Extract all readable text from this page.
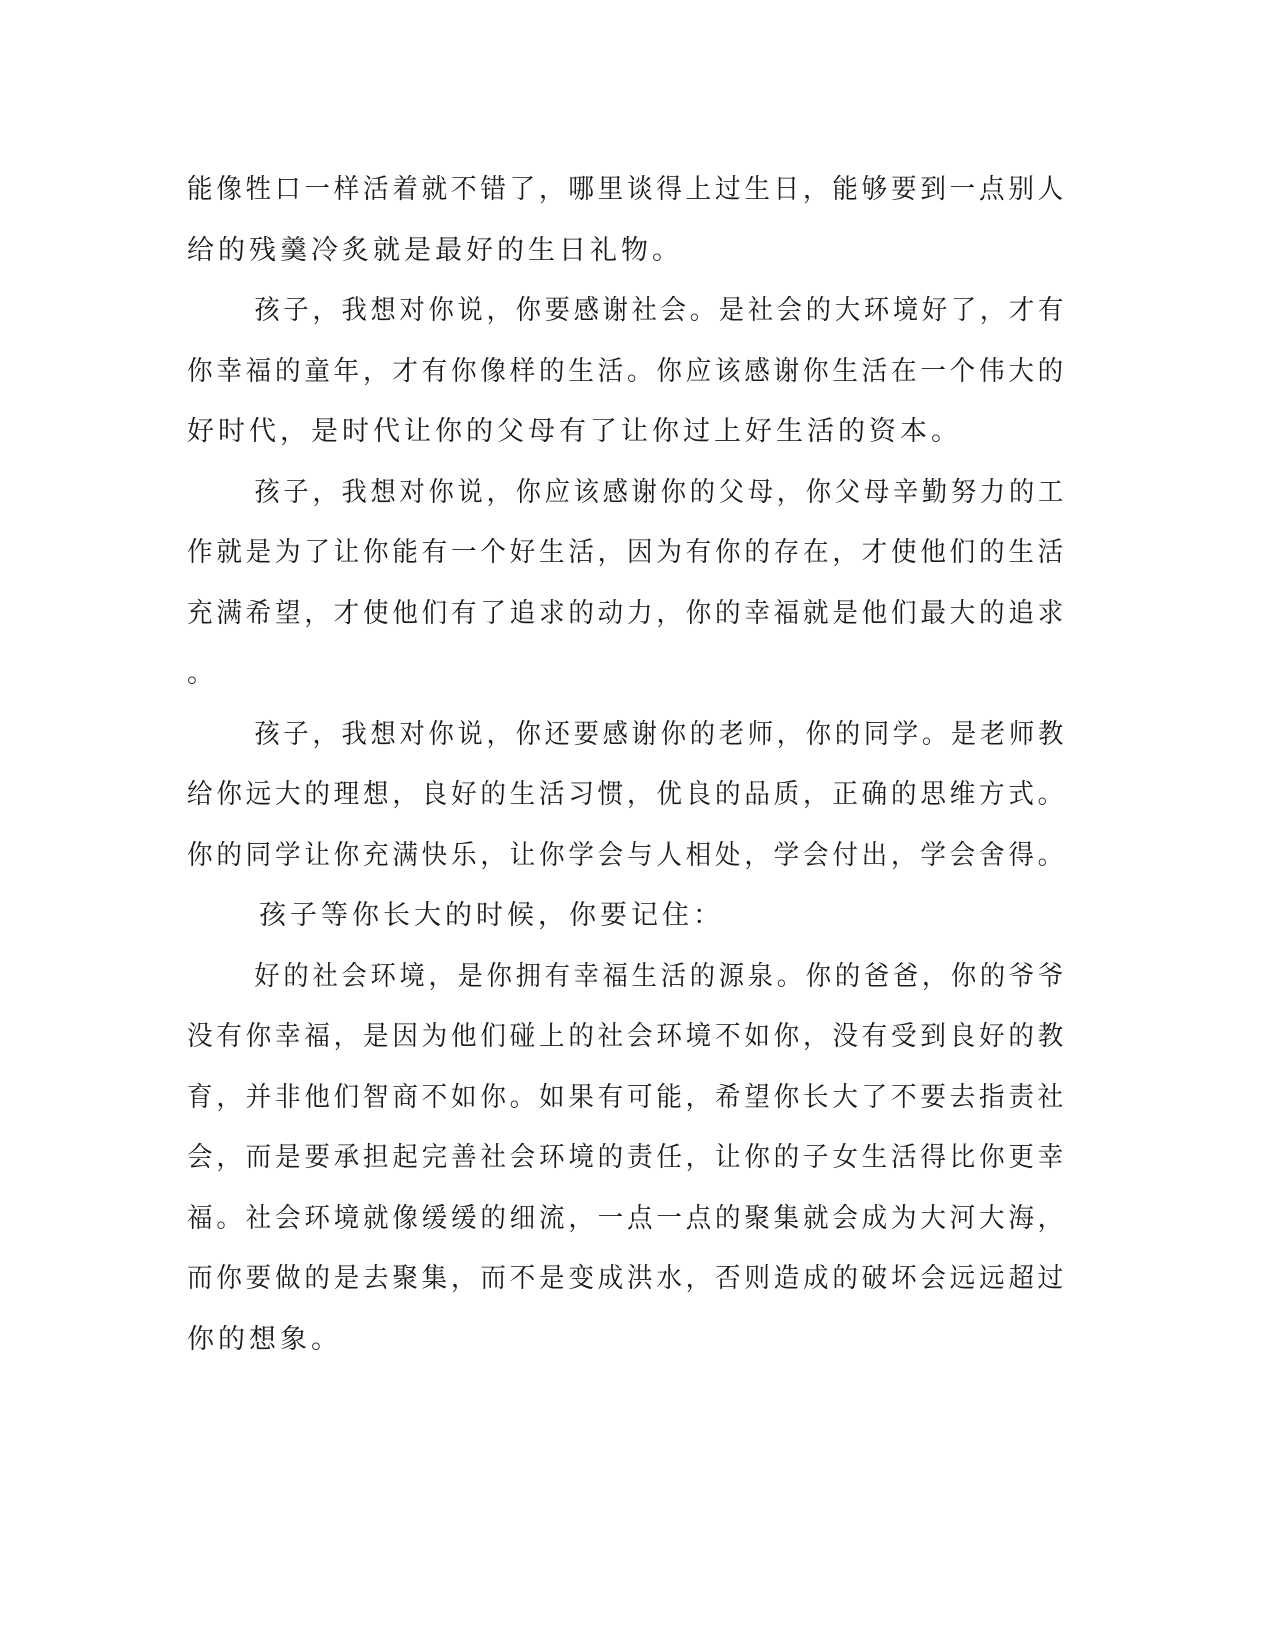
能像牲口一样活着就不错了，哪里谈得上过生日，能够要到一点别人
给的残羹冷炙就是最好的生日礼物。
孩子，我想对你说，你要感谢社会。是社会的大环境好了，才有
你幸福的童年，才有你像样的生活。你应该感谢你生活在一个伟大的
好时代，是时代让你的父母有了让你过上好生活的资本。
孩子，我想对你说，你应该感谢你的父母，你父母辛勤努力的工
作就是为了让你能有一个好生活，因为有你的存在，才使他们的生活
充满希望，才使他们有了追求的动力，你的幸福就是他们最大的追求
。
孩子，我想对你说，你还要感谢你的老师，你的同学。是老师教
给你远大的理想，良好的生活习惯，优良的品质，正确的思维方式。
你的同学让你充满快乐，让你学会与人相处，学会付出，学会舍得。
孩子等你长大的时候，你要记住：
好的社会环境，是你拥有幸福生活的源泉。你的爸爸，你的爷爷
没有你幸福，是因为他们碰上的社会环境不如你，没有受到良好的教
育，并非他们智商不如你。如果有可能，希望你长大了不要去指责社
会，而是要承担起完善社会环境的责任，让你的子女生活得比你更幸
福。社会环境就像缓缓的细流，一点一点的聚集就会成为大河大海，
而你要做的是去聚集，而不是变成洪水，否则造成的破坏会远远超过
你的想象。
